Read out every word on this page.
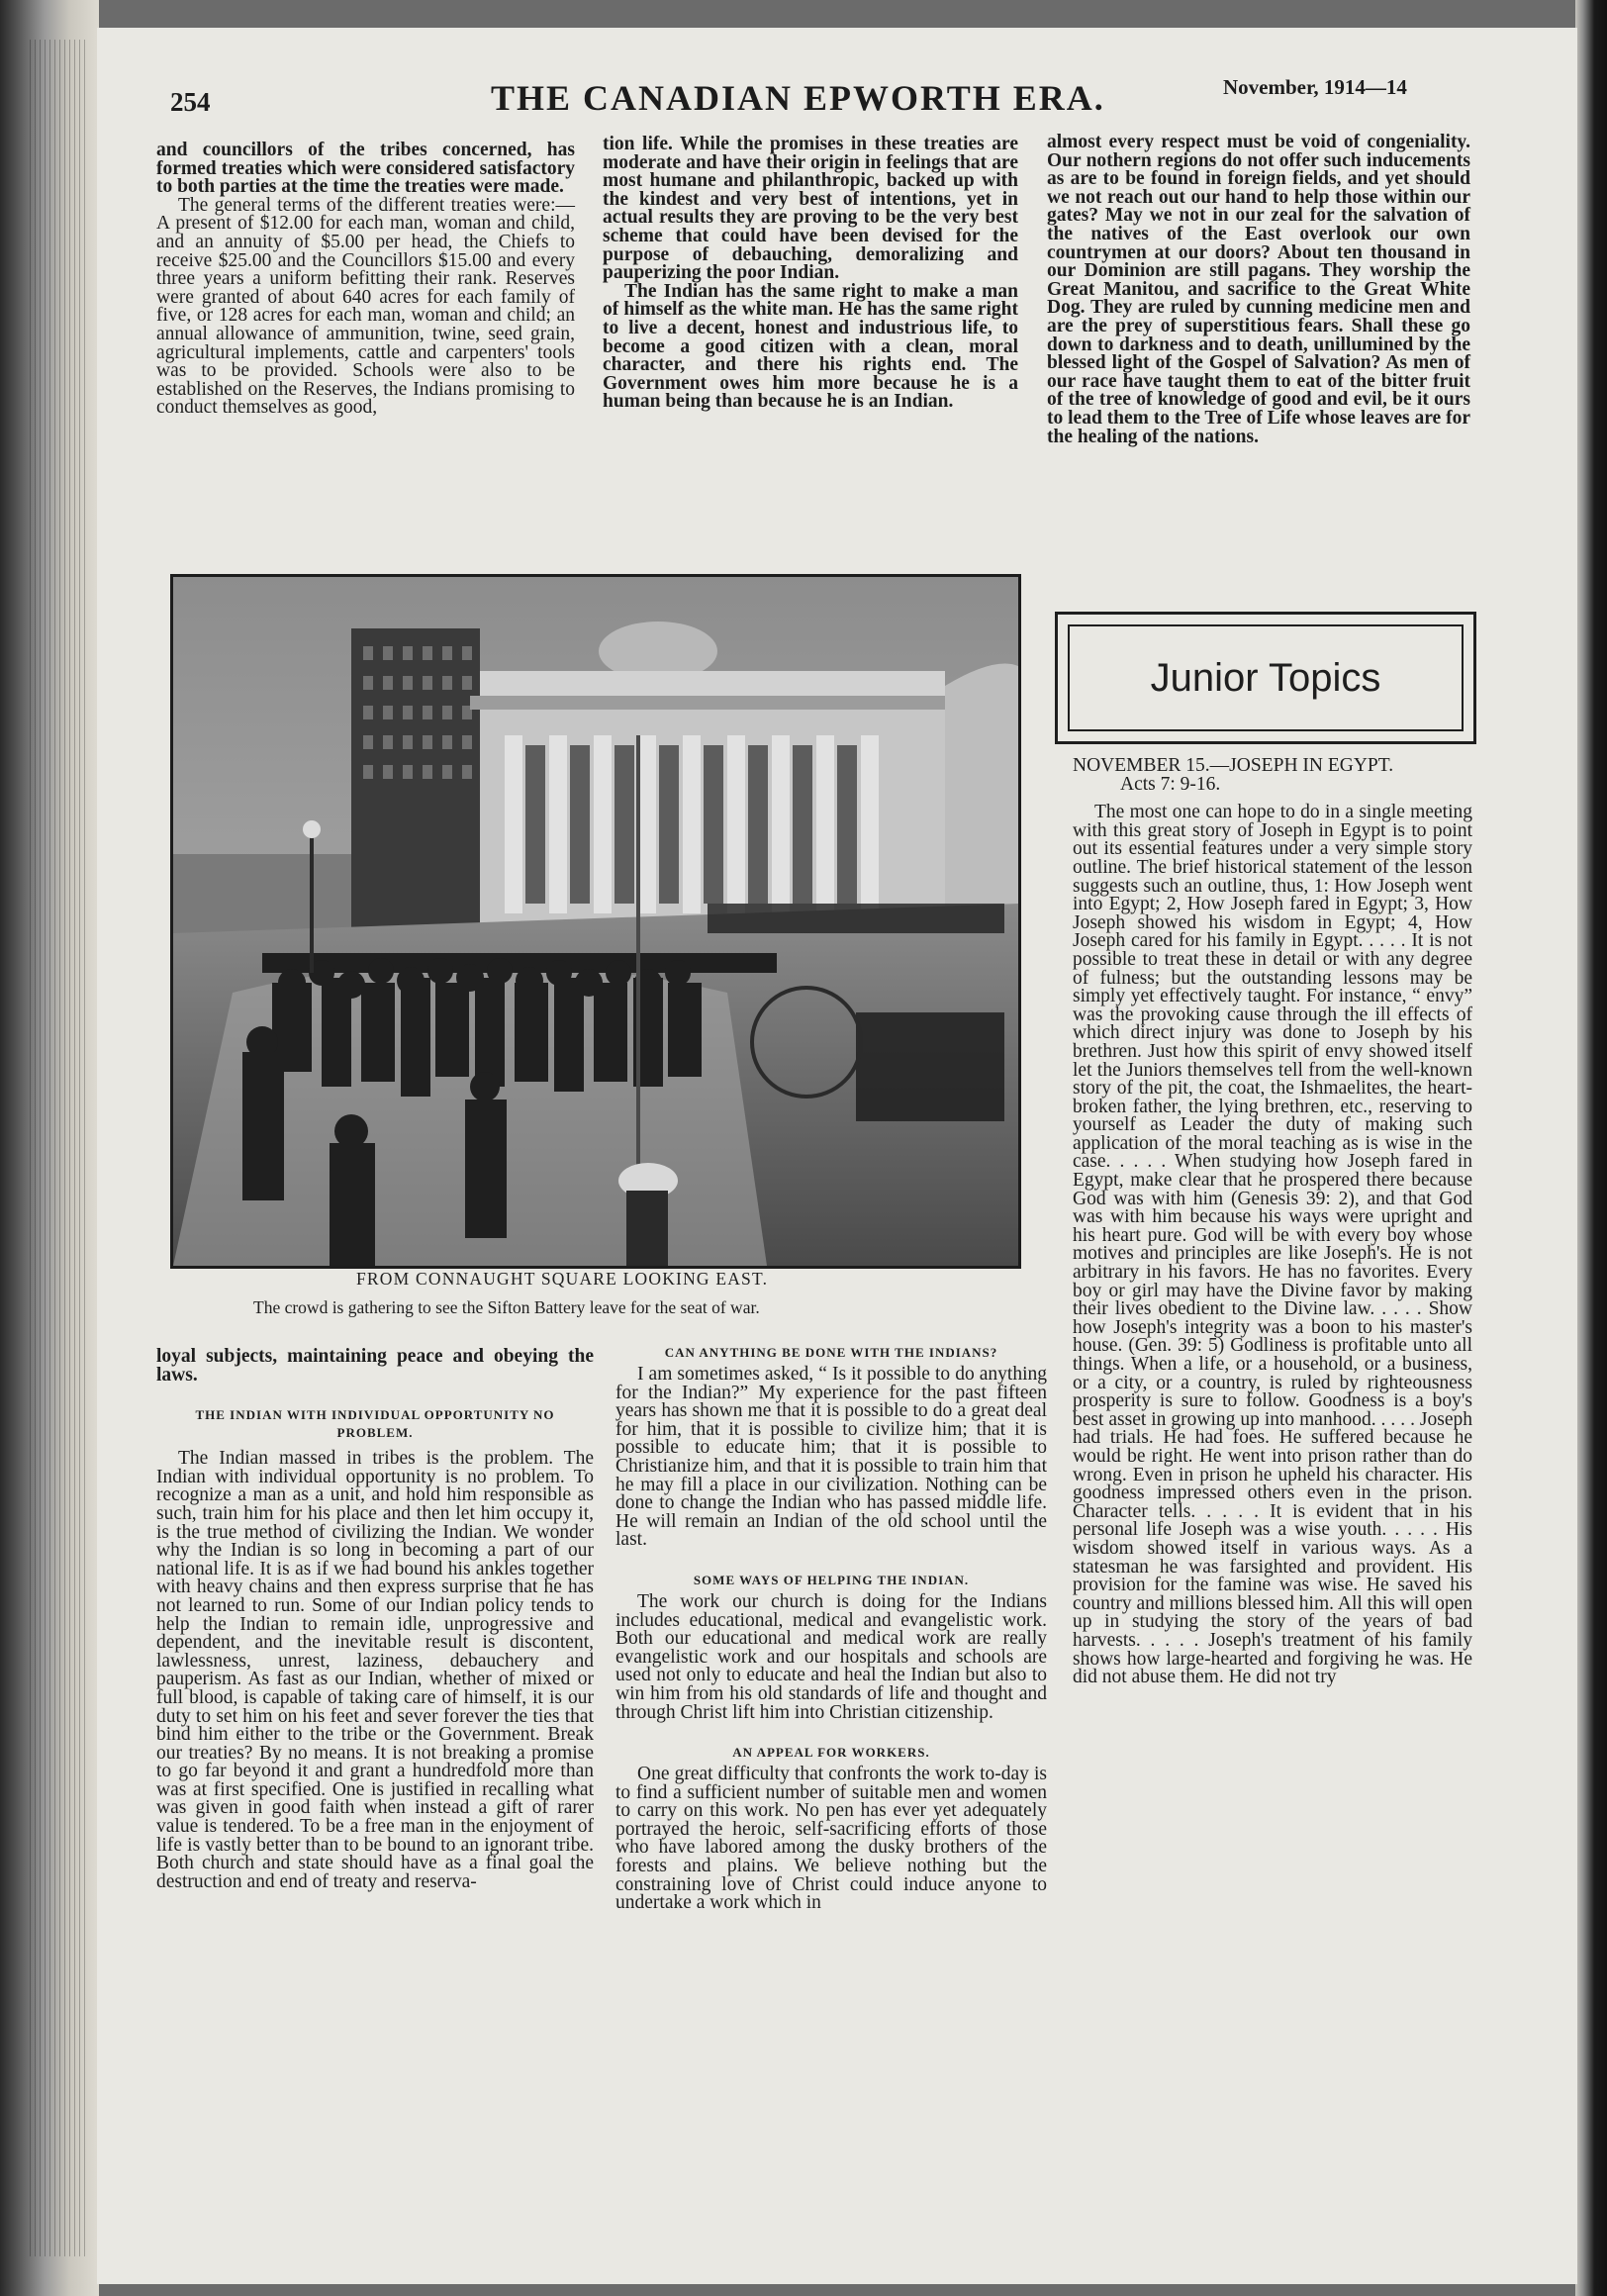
254	THE CANADIAN EPWORTH ERA.	November, 1914—14

and councillors of the tribes concerned, has formed treaties which were considered satisfactory to both parties at the time the treaties were made.

The general terms of the different treaties were:—A present of $12.00 for each man, woman and child, and an annuity of $5.00 per head, the Chiefs to receive $25.00 and the Councillors $15.00 and every three years a uniform befitting their rank. Reserves were granted of about 640 acres for each family of five, or 128 acres for each man, woman and child; an annual allowance of ammunition, twine, seed grain, agricultural implements, cattle and carpenters' tools was to be provided. Schools were also to be established on the Reserves, the Indians promising to conduct themselves as good,

tion life. While the promises in these treaties are moderate and have their origin in feelings that are most humane and philanthropic, backed up with the kindest and very best of intentions, yet in actual results they are proving to be the very best scheme that could have been devised for the purpose of debauching, demoralizing and pauperizing the poor Indian.

The Indian has the same right to make a man of himself as the white man. He has the same right to live a decent, honest and industrious life, to become a good citizen with a clean, moral character, and there his rights end. The Government owes him more because he is a human being than because he is an Indian.

almost every respect must be void of congeniality. Our nothern regions do not offer such inducements as are to be found in foreign fields, and yet should we not reach out our hand to help those within our gates? May we not in our zeal for the salvation of the natives of the East overlook our own countrymen at our doors? About ten thousand in our Dominion are still pagans. They worship the Great Manitou, and sacrifice to the Great White Dog. They are ruled by cunning medicine men and are the prey of superstitious fears. Shall these go down to darkness and to death, unillumined by the blessed light of the Gospel of Salvation? As men of our race have taught them to eat of the bitter fruit of the tree of knowledge of good and evil, be it ours to lead them to the Tree of Life whose leaves are for the healing of the nations.

FROM CONNAUGHT SQUARE LOOKING EAST.
The crowd is gathering to see the Sifton Battery leave for the seat of war.

loyal subjects, maintaining peace and obeying the laws.

THE INDIAN WITH INDIVIDUAL OPPORTUNITY NO PROBLEM.

The Indian massed in tribes is the problem. The Indian with individual opportunity is no problem. To recognize a man as a unit, and hold him responsible as such, train him for his place and then let him occupy it, is the true method of civilizing the Indian. We wonder why the Indian is so long in becoming a part of our national life. It is as if we had bound his ankles together with heavy chains and then express surprise that he has not learned to run. Some of our Indian policy tends to help the Indian to remain idle, unprogressive and dependent, and the inevitable result is discontent, lawlessness, unrest, laziness, debauchery and pauperism. As fast as our Indian, whether of mixed or full blood, is capable of taking care of himself, it is our duty to set him on his feet and sever forever the ties that bind him either to the tribe or the Government. Break our treaties? By no means. It is not breaking a promise to go far beyond it and grant a hundredfold more than was at first specified. One is justified in recalling what was given in good faith when instead a gift of rarer value is tendered. To be a free man in the enjoyment of life is vastly better than to be bound to an ignorant tribe. Both church and state should have as a final goal the destruction and end of treaty and reserva-

CAN ANYTHING BE DONE WITH THE INDIANS?

I am sometimes asked, “ Is it possible to do anything for the Indian?” My experience for the past fifteen years has shown me that it is possible to do a great deal for him, that it is possible to civilize him; that it is possible to educate him; that it is possible to Christianize him, and that it is possible to train him that he may fill a place in our civilization. Nothing can be done to change the Indian who has passed middle life. He will remain an Indian of the old school until the last.

SOME WAYS OF HELPING THE INDIAN.

The work our church is doing for the Indians includes educational, medical and evangelistic work. Both our educational and medical work are really evangelistic work and our hospitals and schools are used not only to educate and heal the Indian but also to win him from his old standards of life and thought and through Christ lift him into Christian citizenship.

AN APPEAL FOR WORKERS.

One great difficulty that confronts the work to-day is to find a sufficient number of suitable men and women to carry on this work. No pen has ever yet adequately portrayed the heroic, self-sacrificing efforts of those who have labored among the dusky brothers of the forests and plains. We believe nothing but the constraining love of Christ could induce anyone to undertake a work which in

Junior Topics

NOVEMBER 15.—JOSEPH IN EGYPT.

Acts 7: 9-16.

The most one can hope to do in a single meeting with this great story of Joseph in Egypt is to point out its essential features under a very simple story outline. The brief historical statement of the lesson suggests such an outline, thus, 1: How Joseph went into Egypt; 2, How Joseph fared in Egypt; 3, How Joseph showed his wisdom in Egypt; 4, How Joseph cared for his family in Egypt. . . . . It is not possible to treat these in detail or with any degree of fulness; but the outstanding lessons may be simply yet effectively taught. For instance, “ envy” was the provoking cause through the ill effects of which direct injury was done to Joseph by his brethren. Just how this spirit of envy showed itself let the Juniors themselves tell from the well-known story of the pit, the coat, the Ishmaelites, the heart-broken father, the lying brethren, etc., reserving to yourself as Leader the duty of making such application of the moral teaching as is wise in the case. . . . . When studying how Joseph fared in Egypt, make clear that he prospered there because God was with him (Genesis 39: 2), and that God was with him because his ways were upright and his heart pure. God will be with every boy whose motives and principles are like Joseph's. He is not arbitrary in his favors. He has no favorites. Every boy or girl may have the Divine favor by making their lives obedient to the Divine law. . . . . Show how Joseph's integrity was a boon to his master's house. (Gen. 39: 5) Godliness is profitable unto all things. When a life, or a household, or a business, or a city, or a country, is ruled by righteousness prosperity is sure to follow. Goodness is a boy's best asset in growing up into manhood. . . . . Joseph had trials. He had foes. He suffered because he would be right. He went into prison rather than do wrong. Even in prison he upheld his character. His goodness impressed others even in the prison. Character tells. . . . . It is evident that in his personal life Joseph was a wise youth. . . . . His wisdom showed itself in various ways. As a statesman he was farsighted and provident. His provision for the famine was wise. He saved his country and millions blessed him. All this will open up in studying the story of the years of bad harvests. . . . . Joseph's treatment of his family shows how large-hearted and forgiving he was. He did not abuse them. He did not try
